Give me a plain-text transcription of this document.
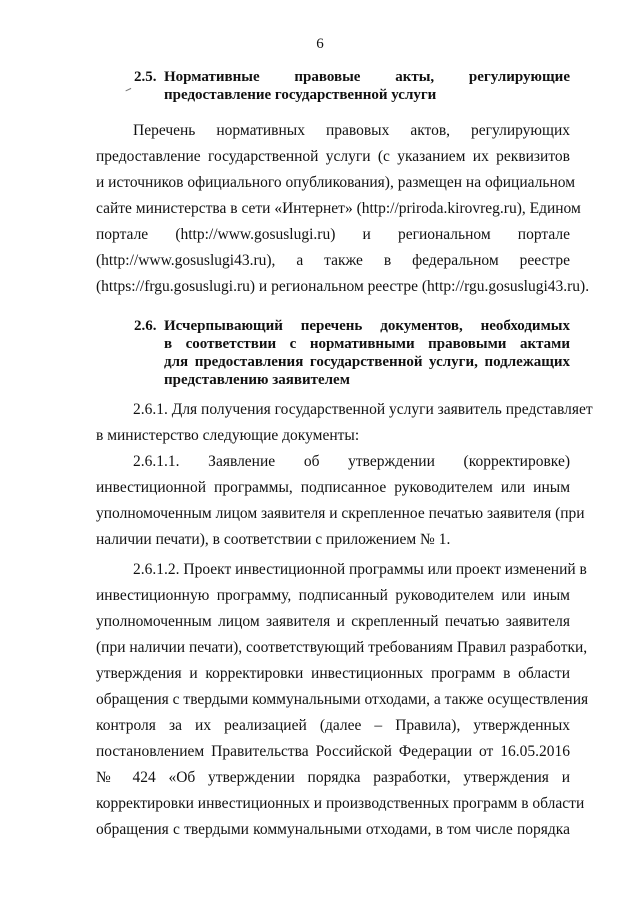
6
2.5. Нормативные правовые акты, регулирующие
предоставление государственной услуги
Перечень нормативных правовых актов, регулирующих
предоставление государственной услуги (с указанием их реквизитов
и источников официального опубликования), размещен на официальном
сайте министерства в сети «Интернет» (http://priroda.kirovreg.ru), Едином
портале (http://www.gosuslugi.ru) и региональном портале
(http://www.gosuslugi43.ru), а также в федеральном реестре
(https://frgu.gosuslugi.ru) и региональном реестре (http://rgu.gosuslugi43.ru).
2.6. Исчерпывающий перечень документов, необходимых
в соответствии с нормативными правовыми актами
для предоставления государственной услуги, подлежащих
представлению заявителем
2.6.1. Для получения государственной услуги заявитель представляет
в министерство следующие документы:
2.6.1.1. Заявление об утверждении (корректировке)
инвестиционной программы, подписанное руководителем или иным
уполномоченным лицом заявителя и скрепленное печатью заявителя (при
наличии печати), в соответствии с приложением № 1.
2.6.1.2. Проект инвестиционной программы или проект изменений в
инвестиционную программу, подписанный руководителем или иным
уполномоченным лицом заявителя и скрепленный печатью заявителя
(при наличии печати), соответствующий требованиям Правил разработки,
утверждения и корректировки инвестиционных программ в области
обращения с твердыми коммунальными отходами, а также осуществления
контроля за их реализацией (далее – Правила), утвержденных
постановлением Правительства Российской Федерации от 16.05.2016
№ 424 «Об утверждении порядка разработки, утверждения и
корректировки инвестиционных и производственных программ в области
обращения с твердыми коммунальными отходами, в том числе порядка
